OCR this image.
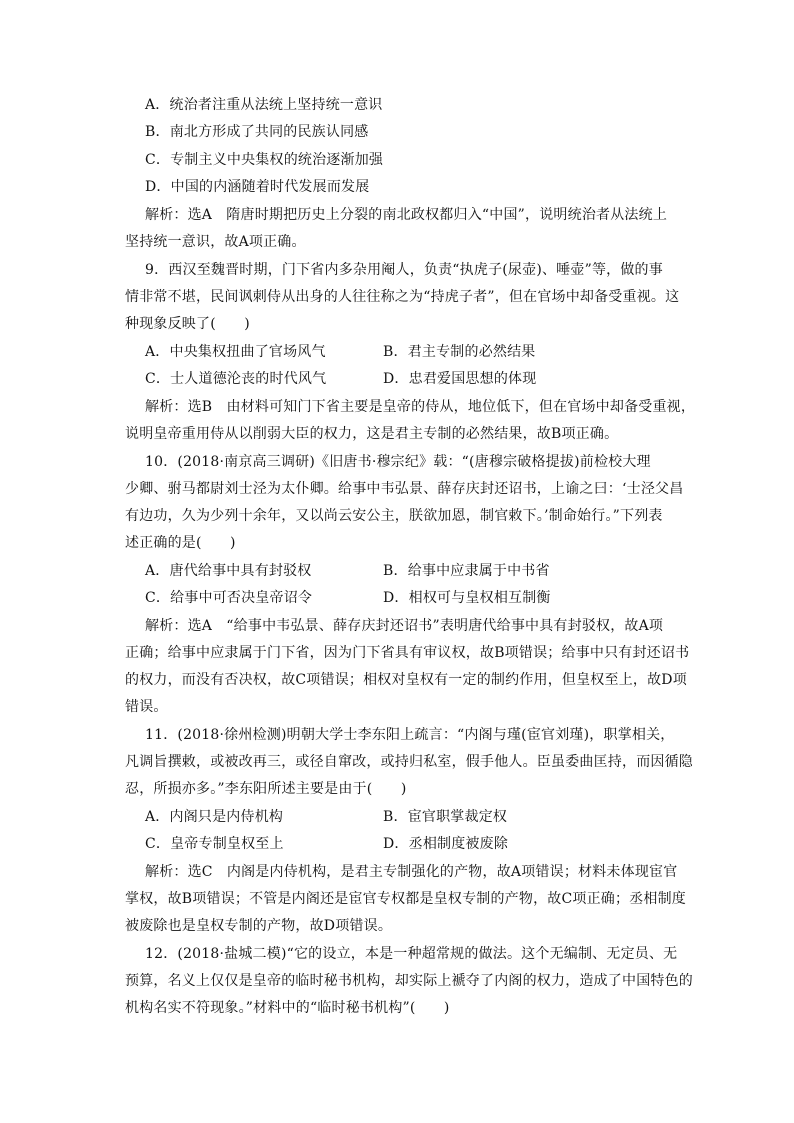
A．统治者注重从法统上坚持统一意识
B．南北方形成了共同的民族认同感
C．专制主义中央集权的统治逐渐加强
D．中国的内涵随着时代发展而发展
解析：选A　隋唐时期把历史上分裂的南北政权都归入“中国”，说明统治者从法统上
坚持统一意识，故A项正确。
9．西汉至魏晋时期，门下省内多杂用阉人，负责“执虎子(尿壶)、唾壶”等，做的事
情非常不堪，民间讽刺侍从出身的人往往称之为“持虎子者”，但在官场中却备受重视。这
种现象反映了(　　)
A．中央集权扭曲了官场风气	B．君主专制的必然结果
C．士人道德沦丧的时代风气	D．忠君爱国思想的体现
解析：选B　由材料可知门下省主要是皇帝的侍从，地位低下，但在官场中却备受重视，
说明皇帝重用侍从以削弱大臣的权力，这是君主专制的必然结果，故B项正确。
10．(2018·南京高三调研)《旧唐书·穆宗纪》载：“(唐穆宗破格提拔)前检校大理
少卿、驸马都尉刘士泾为太仆卿。给事中韦弘景、薛存庆封还诏书，上谕之曰：‘士泾父昌
有边功，久为少列十余年，又以尚云安公主，朕欲加恩，制官敕下。’制命始行。”下列表
述正确的是(　　)
A．唐代给事中具有封驳权	B．给事中应隶属于中书省
C．给事中可否决皇帝诏令	D．相权可与皇权相互制衡
解析：选A　“给事中韦弘景、薛存庆封还诏书”表明唐代给事中具有封驳权，故A项
正确；给事中应隶属于门下省，因为门下省具有审议权，故B项错误；给事中只有封还诏书
的权力，而没有否决权，故C项错误；相权对皇权有一定的制约作用，但皇权至上，故D项
错误。
11．(2018·徐州检测)明朝大学士李东阳上疏言：“内阁与瑾(宦官刘瑾)，职掌相关，
凡调旨撰敕，或被改再三，或径自窜改，或持归私室，假手他人。臣虽委曲匡持，而因循隐
忍，所损亦多。”李东阳所述主要是由于(　　)
A．内阁只是内侍机构	B．宦官职掌裁定权
C．皇帝专制皇权至上	D．丞相制度被废除
解析：选C　内阁是内侍机构，是君主专制强化的产物，故A项错误；材料未体现宦官
掌权，故B项错误；不管是内阁还是宦官专权都是皇权专制的产物，故C项正确；丞相制度
被废除也是皇权专制的产物，故D项错误。
12．(2018·盐城二模)“它的设立，本是一种超常规的做法。这个无编制、无定员、无
预算，名义上仅仅是皇帝的临时秘书机构，却实际上褫夺了内阁的权力，造成了中国特色的
机构名实不符现象。”材料中的“临时秘书机构”(　　)
